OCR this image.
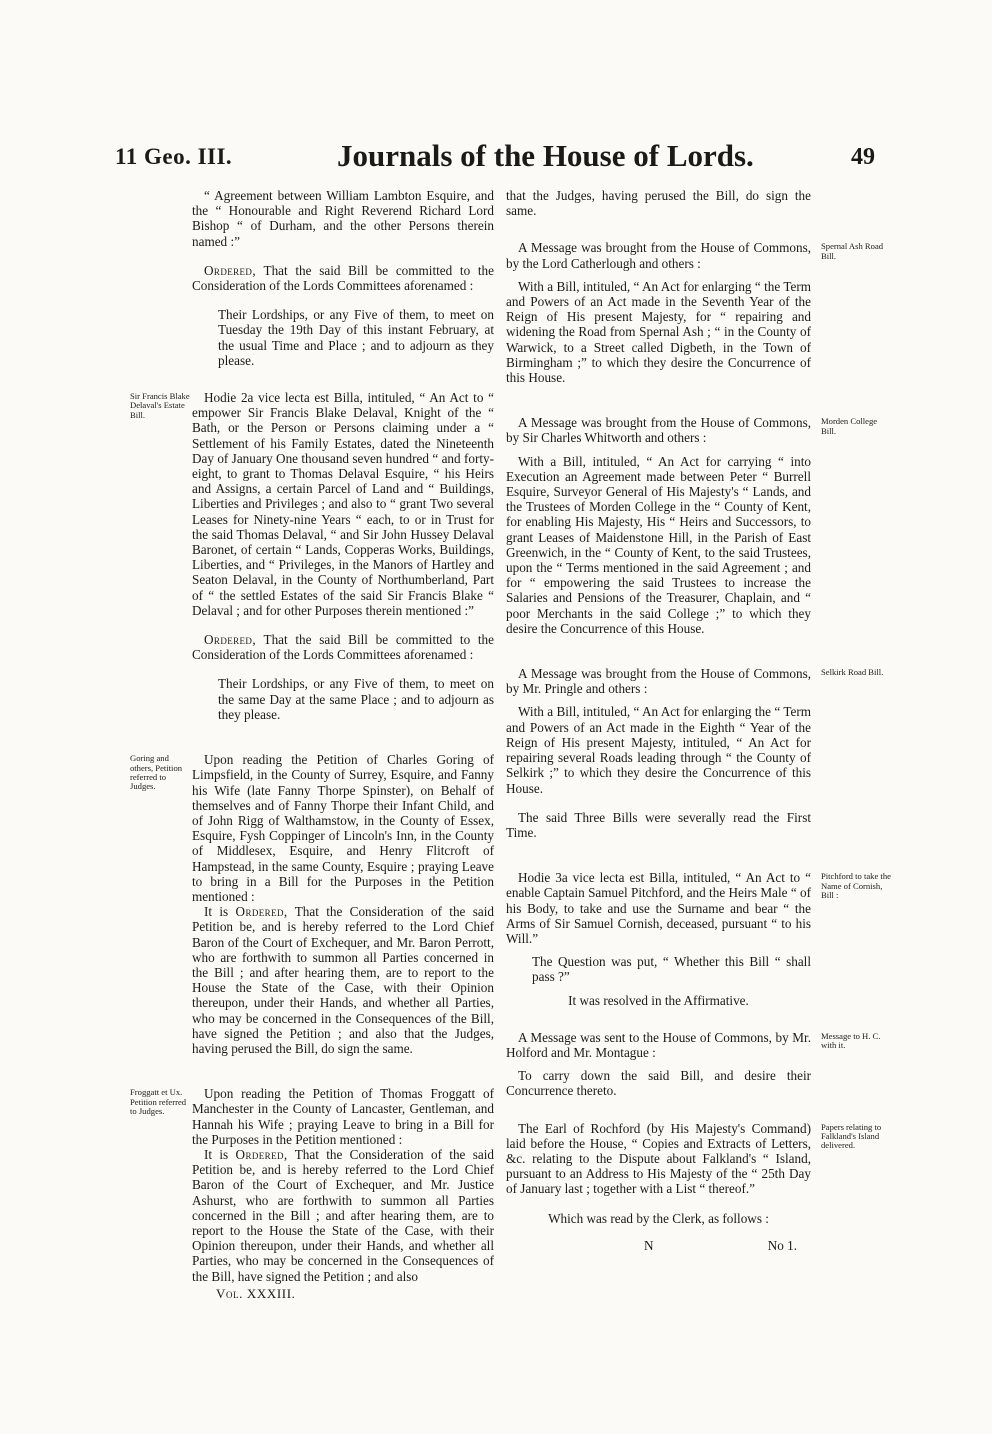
11 Geo. III.	Journals of the House of Lords.	49

“ Agreement between William Lambton Esquire, and the “ Honourable and Right Reverend Richard Lord Bishop “ of Durham, and the other Persons therein named :”

Ordered, That the said Bill be committed to the Consideration of the Lords Committees aforenamed :

Their Lordships, or any Five of them, to meet on Tuesday the 19th Day of this instant February, at the usual Time and Place ; and to adjourn as they please.

Sir Francis Blake Delaval's Estate Bill.

Hodie 2a vice lecta est Billa, intituled, “ An Act to “ empower Sir Francis Blake Delaval, Knight of the “ Bath, or the Person or Persons claiming under a “ Settlement of his Family Estates, dated the Nineteenth Day of January One thousand seven hundred “ and forty-eight, to grant to Thomas Delaval Esquire, “ his Heirs and Assigns, a certain Parcel of Land and “ Buildings, Liberties and Privileges ; and also to “ grant Two several Leases for Ninety-nine Years “ each, to or in Trust for the said Thomas Delaval, “ and Sir John Hussey Delaval Baronet, of certain “ Lands, Copperas Works, Buildings, Liberties, and “ Privileges, in the Manors of Hartley and Seaton Delaval, in the County of Northumberland, Part of “ the settled Estates of the said Sir Francis Blake “ Delaval ; and for other Purposes therein mentioned :”

Ordered, That the said Bill be committed to the Consideration of the Lords Committees aforenamed :

Their Lordships, or any Five of them, to meet on the same Day at the same Place ; and to adjourn as they please.

Goring and others, Petition referred to Judges.

Upon reading the Petition of Charles Goring of Limpsfield, in the County of Surrey, Esquire, and Fanny his Wife (late Fanny Thorpe Spinster), on Behalf of themselves and of Fanny Thorpe their Infant Child, and of John Rigg of Walthamstow, in the County of Essex, Esquire, Fysh Coppinger of Lincoln's Inn, in the County of Middlesex, Esquire, and Henry Flitcroft of Hampstead, in the same County, Esquire ; praying Leave to bring in a Bill for the Purposes in the Petition mentioned :

It is Ordered, That the Consideration of the said Petition be, and is hereby referred to the Lord Chief Baron of the Court of Exchequer, and Mr. Baron Perrott, who are forthwith to summon all Parties concerned in the Bill ; and after hearing them, are to report to the House the State of the Case, with their Opinion thereupon, under their Hands, and whether all Parties, who may be concerned in the Consequences of the Bill, have signed the Petition ; and also that the Judges, having perused the Bill, do sign the same.

Froggatt et Ux. Petition referred to Judges.

Upon reading the Petition of Thomas Froggatt of Manchester in the County of Lancaster, Gentleman, and Hannah his Wife ; praying Leave to bring in a Bill for the Purposes in the Petition mentioned :

It is Ordered, That the Consideration of the said Petition be, and is hereby referred to the Lord Chief Baron of the Court of Exchequer, and Mr. Justice Ashurst, who are forthwith to summon all Parties concerned in the Bill ; and after hearing them, are to report to the House the State of the Case, with their Opinion thereupon, under their Hands, and whether all Parties, who may be concerned in the Consequences of the Bill, have signed the Petition ; and also

Vol. XXXIII.

that the Judges, having perused the Bill, do sign the same.

Spernal Ash Road Bill.

A Message was brought from the House of Commons, by the Lord Catherlough and others :

With a Bill, intituled, “ An Act for enlarging “ the Term and Powers of an Act made in the Seventh Year of the Reign of His present Majesty, for “ repairing and widening the Road from Spernal Ash ; “ in the County of Warwick, to a Street called Digbeth, in the Town of Birmingham ;” to which they desire the Concurrence of this House.

Morden College Bill.

A Message was brought from the House of Commons, by Sir Charles Whitworth and others :

With a Bill, intituled, “ An Act for carrying “ into Execution an Agreement made between Peter “ Burrell Esquire, Surveyor General of His Majesty's “ Lands, and the Trustees of Morden College in the “ County of Kent, for enabling His Majesty, His “ Heirs and Successors, to grant Leases of Maidenstone Hill, in the Parish of East Greenwich, in the “ County of Kent, to the said Trustees, upon the “ Terms mentioned in the said Agreement ; and for “ empowering the said Trustees to increase the Salaries and Pensions of the Treasurer, Chaplain, and “ poor Merchants in the said College ;” to which they desire the Concurrence of this House.

Selkirk Road Bill.

A Message was brought from the House of Commons, by Mr. Pringle and others :

With a Bill, intituled, “ An Act for enlarging the “ Term and Powers of an Act made in the Eighth “ Year of the Reign of His present Majesty, intituled, “ An Act for repairing several Roads leading through “ the County of Selkirk ;” to which they desire the Concurrence of this House.

The said Three Bills were severally read the First Time.

Pitchford to take the Name of Cornish, Bill :

Hodie 3a vice lecta est Billa, intituled, “ An Act to “ enable Captain Samuel Pitchford, and the Heirs Male “ of his Body, to take and use the Surname and bear “ the Arms of Sir Samuel Cornish, deceased, pursuant “ to his Will.”

The Question was put, “ Whether this Bill “ shall pass ?”

It was resolved in the Affirmative.

Message to H. C. with it.

A Message was sent to the House of Commons, by Mr. Holford and Mr. Montague :

To carry down the said Bill, and desire their Concurrence thereto.

Papers relating to Falkland's Island delivered.

The Earl of Rochford (by His Majesty's Command) laid before the House, “ Copies and Extracts of Letters, &c. relating to the Dispute about Falkland's “ Island, pursuant to an Address to His Majesty of the “ 25th Day of January last ; together with a List “ thereof.”

Which was read by the Clerk, as follows :

N	No 1.
